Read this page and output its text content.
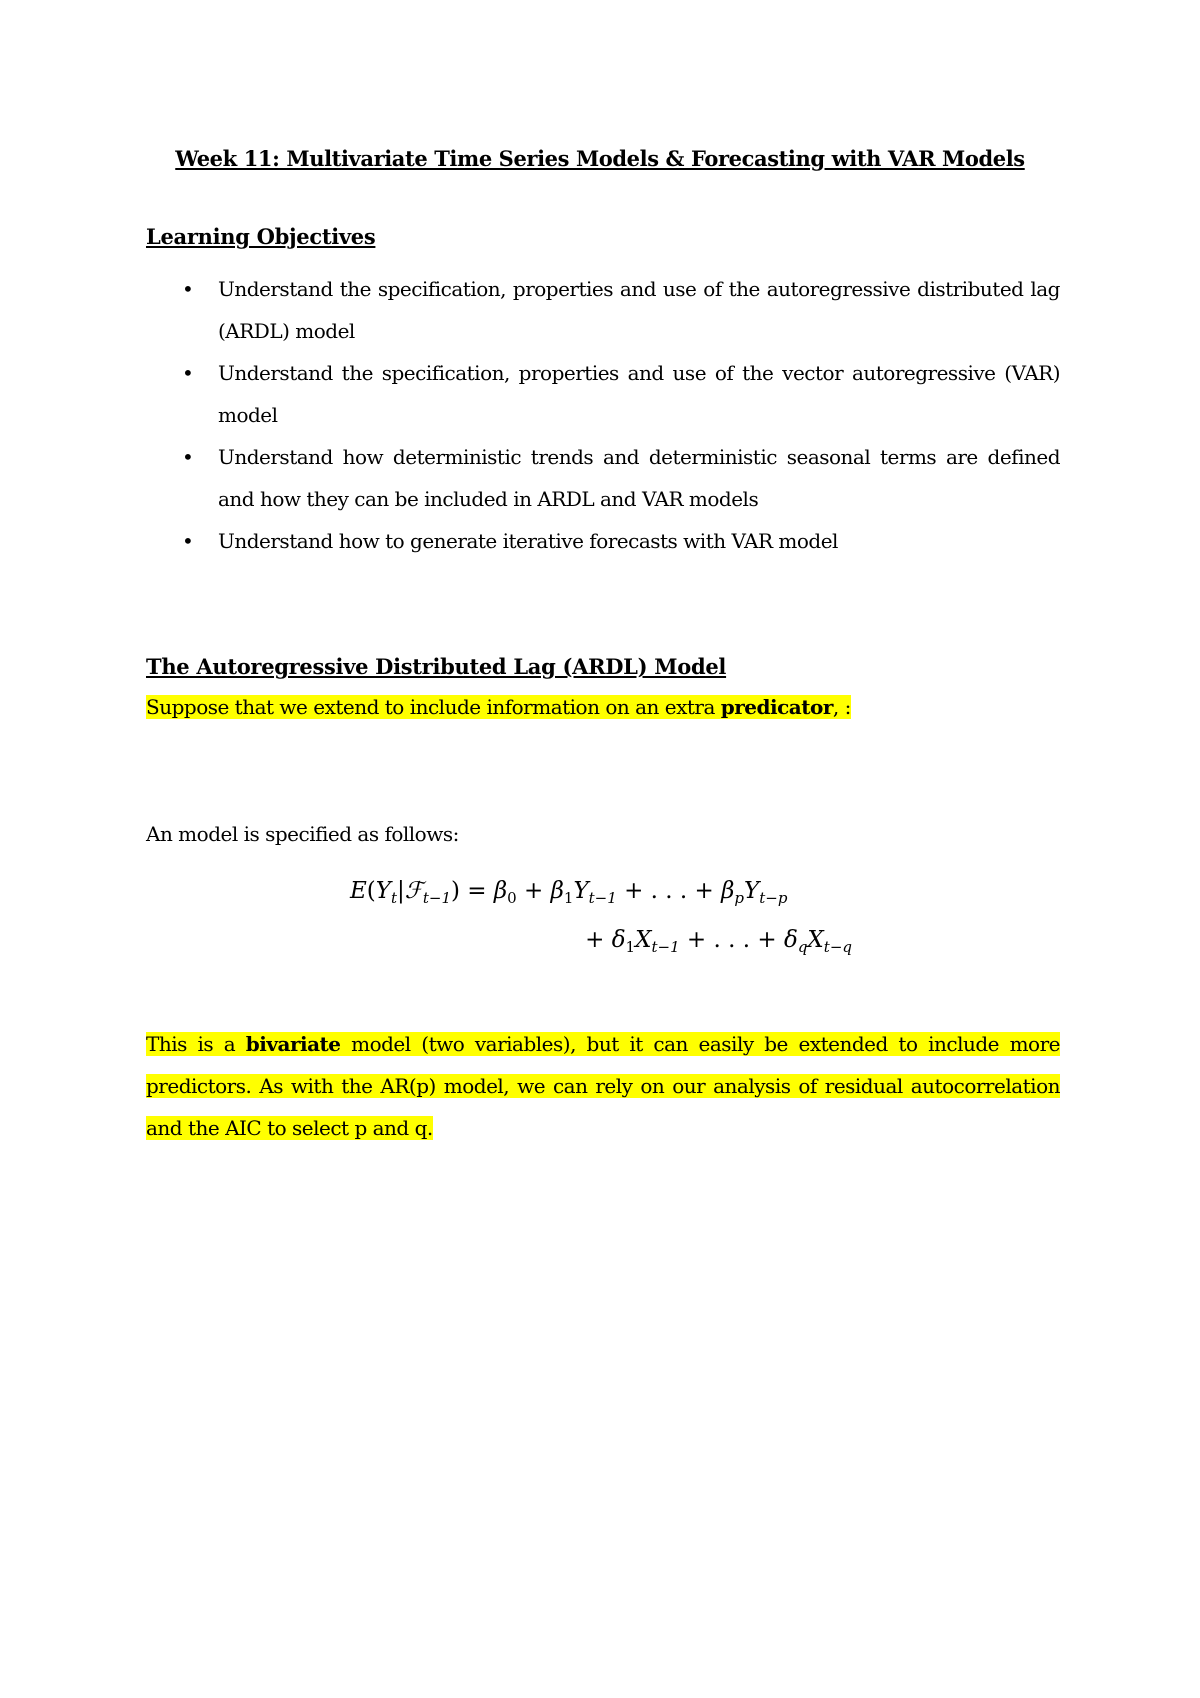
Week 11: Multivariate Time Series Models & Forecasting with VAR Models
Learning Objectives
• Understand the specification, properties and use of the autoregressive distributed lag (ARDL) model
• Understand the specification, properties and use of the vector autoregressive (VAR) model
• Understand how deterministic trends and deterministic seasonal terms are defined and how they can be included in ARDL and VAR models
• Understand how to generate iterative forecasts with VAR model
The Autoregressive Distributed Lag (ARDL) Model
Suppose that we extend to include information on an extra predicator, :
An model is specified as follows:
$E(Y_t|ℱ_{t-1}) = \beta_0 + \beta_1Y_{t-1}$ + . . . + $\beta_pY_{t-p}$
+ $\delta_1X_{t-1}$ + . . . + $\delta_qX_{t-q}$
This is a bivariate model (two variables), but it can easily be extended to include more predictors. As with the AR(p) model, we can rely on our analysis of residual autocorrelation and the AIC to select p and q.
